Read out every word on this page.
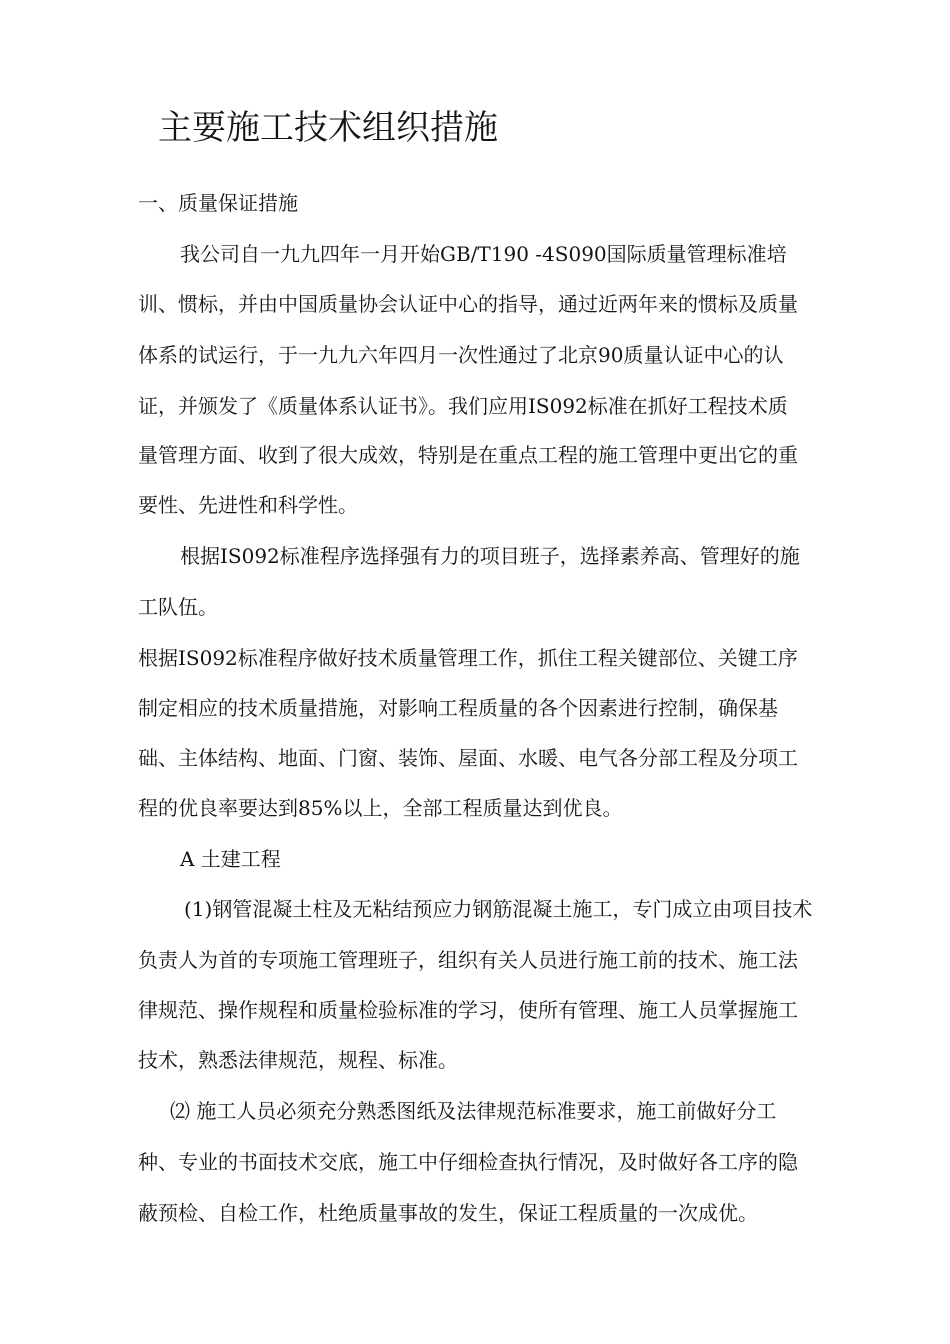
主要施工技术组织措施
一、质量保证措施
我公司自一九九四年一月开始GB/T190 -4S090国际质量管理标准培
训、惯标，并由中国质量协会认证中心的指导，通过近两年来的惯标及质量
体系的试运行，于一九九六年四月一次性通过了北京90质量认证中心的认
证，并颁发了《质量体系认证书》。我们应用IS092标准在抓好工程技术质
量管理方面、收到了很大成效，特别是在重点工程的施工管理中更出它的重
要性、先进性和科学性。
根据IS092标准程序选择强有力的项目班子，选择素养高、管理好的施
工队伍。
根据IS092标准程序做好技术质量管理工作，抓住工程关键部位、关键工序
制定相应的技术质量措施，对影响工程质量的各个因素进行控制，确保基
础、主体结构、地面、门窗、装饰、屋面、水暖、电气各分部工程及分项工
程的优良率要达到85%以上，全部工程质量达到优良。
A 土建工程
(1)钢管混凝土柱及无粘结预应力钢筋混凝土施工，专门成立由项目技术
负责人为首的专项施工管理班子，组织有关人员进行施工前的技术、施工法
律规范、操作规程和质量检验标准的学习，使所有管理、施工人员掌握施工
技术，熟悉法律规范，规程、标准。
⑵ 施工人员必须充分熟悉图纸及法律规范标准要求，施工前做好分工
种、专业的书面技术交底，施工中仔细检查执行情况，及时做好各工序的隐
蔽预检、自检工作，杜绝质量事故的发生，保证工程质量的一次成优。
